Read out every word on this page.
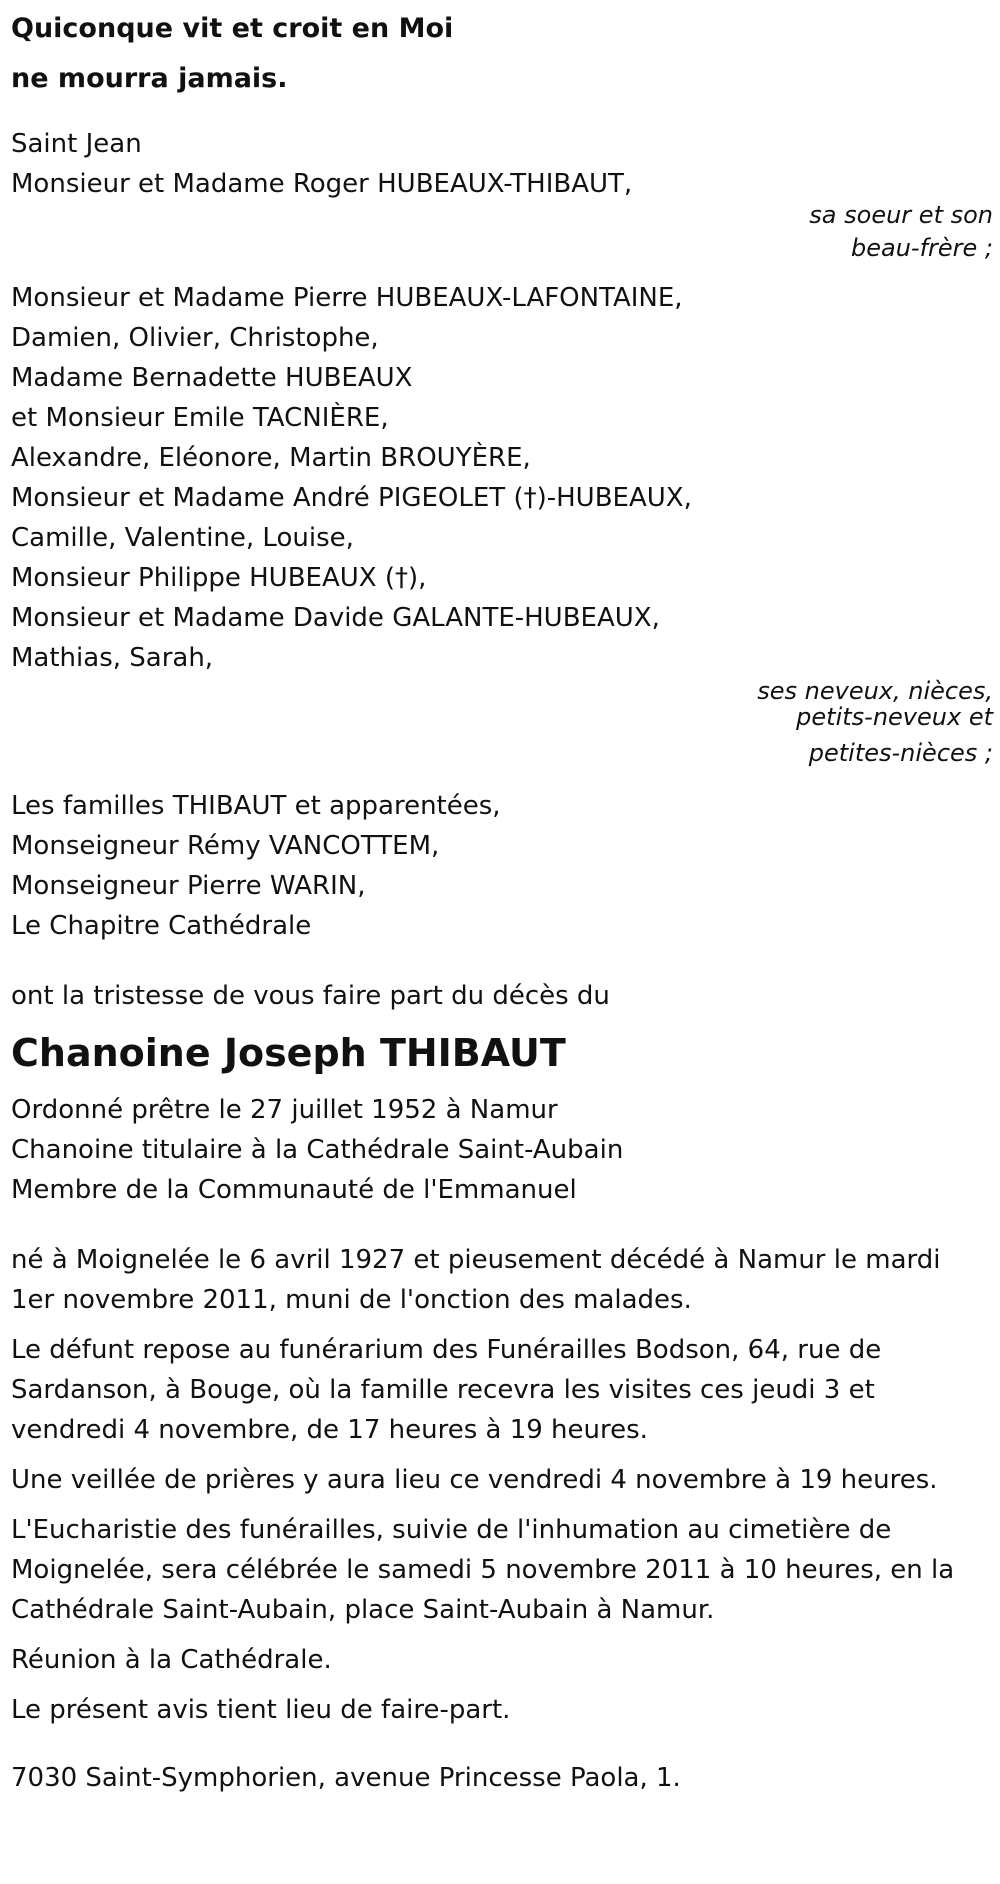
Quiconque vit et croit en Moi
ne mourra jamais.
Saint Jean
Monsieur et Madame Roger HUBEAUX-THIBAUT,
sa soeur et son
beau-frère ;
Monsieur et Madame Pierre HUBEAUX-LAFONTAINE,
Damien, Olivier, Christophe,
Madame Bernadette HUBEAUX
et Monsieur Emile TACNIÈRE,
Alexandre, Eléonore, Martin BROUYÈRE,
Monsieur et Madame André PIGEOLET (†)-HUBEAUX,
Camille, Valentine, Louise,
Monsieur Philippe HUBEAUX (†),
Monsieur et Madame Davide GALANTE-HUBEAUX,
Mathias, Sarah,
ses neveux, nièces,
petits-neveux et
petites-nièces ;
Les familles THIBAUT et apparentées,
Monseigneur Rémy VANCOTTEM,
Monseigneur Pierre WARIN,
Le Chapitre Cathédrale
ont la tristesse de vous faire part du décès du
Chanoine Joseph THIBAUT
Ordonné prêtre le 27 juillet 1952 à Namur
Chanoine titulaire à la Cathédrale Saint-Aubain
Membre de la Communauté de l'Emmanuel
né à Moignelée le 6 avril 1927 et pieusement décédé à Namur le mardi 1er novembre 2011, muni de l'onction des malades.
Le défunt repose au funérarium des Funérailles Bodson, 64, rue de Sardanson, à Bouge, où la famille recevra les visites ces jeudi 3 et vendredi 4 novembre, de 17 heures à 19 heures.
Une veillée de prières y aura lieu ce vendredi 4 novembre à 19 heures.
L'Eucharistie des funérailles, suivie de l'inhumation au cimetière de Moignelée, sera célébrée le samedi 5 novembre 2011 à 10 heures, en la Cathédrale Saint-Aubain, place Saint-Aubain à Namur.
Réunion à la Cathédrale.
Le présent avis tient lieu de faire-part.
7030 Saint-Symphorien, avenue Princesse Paola, 1.
